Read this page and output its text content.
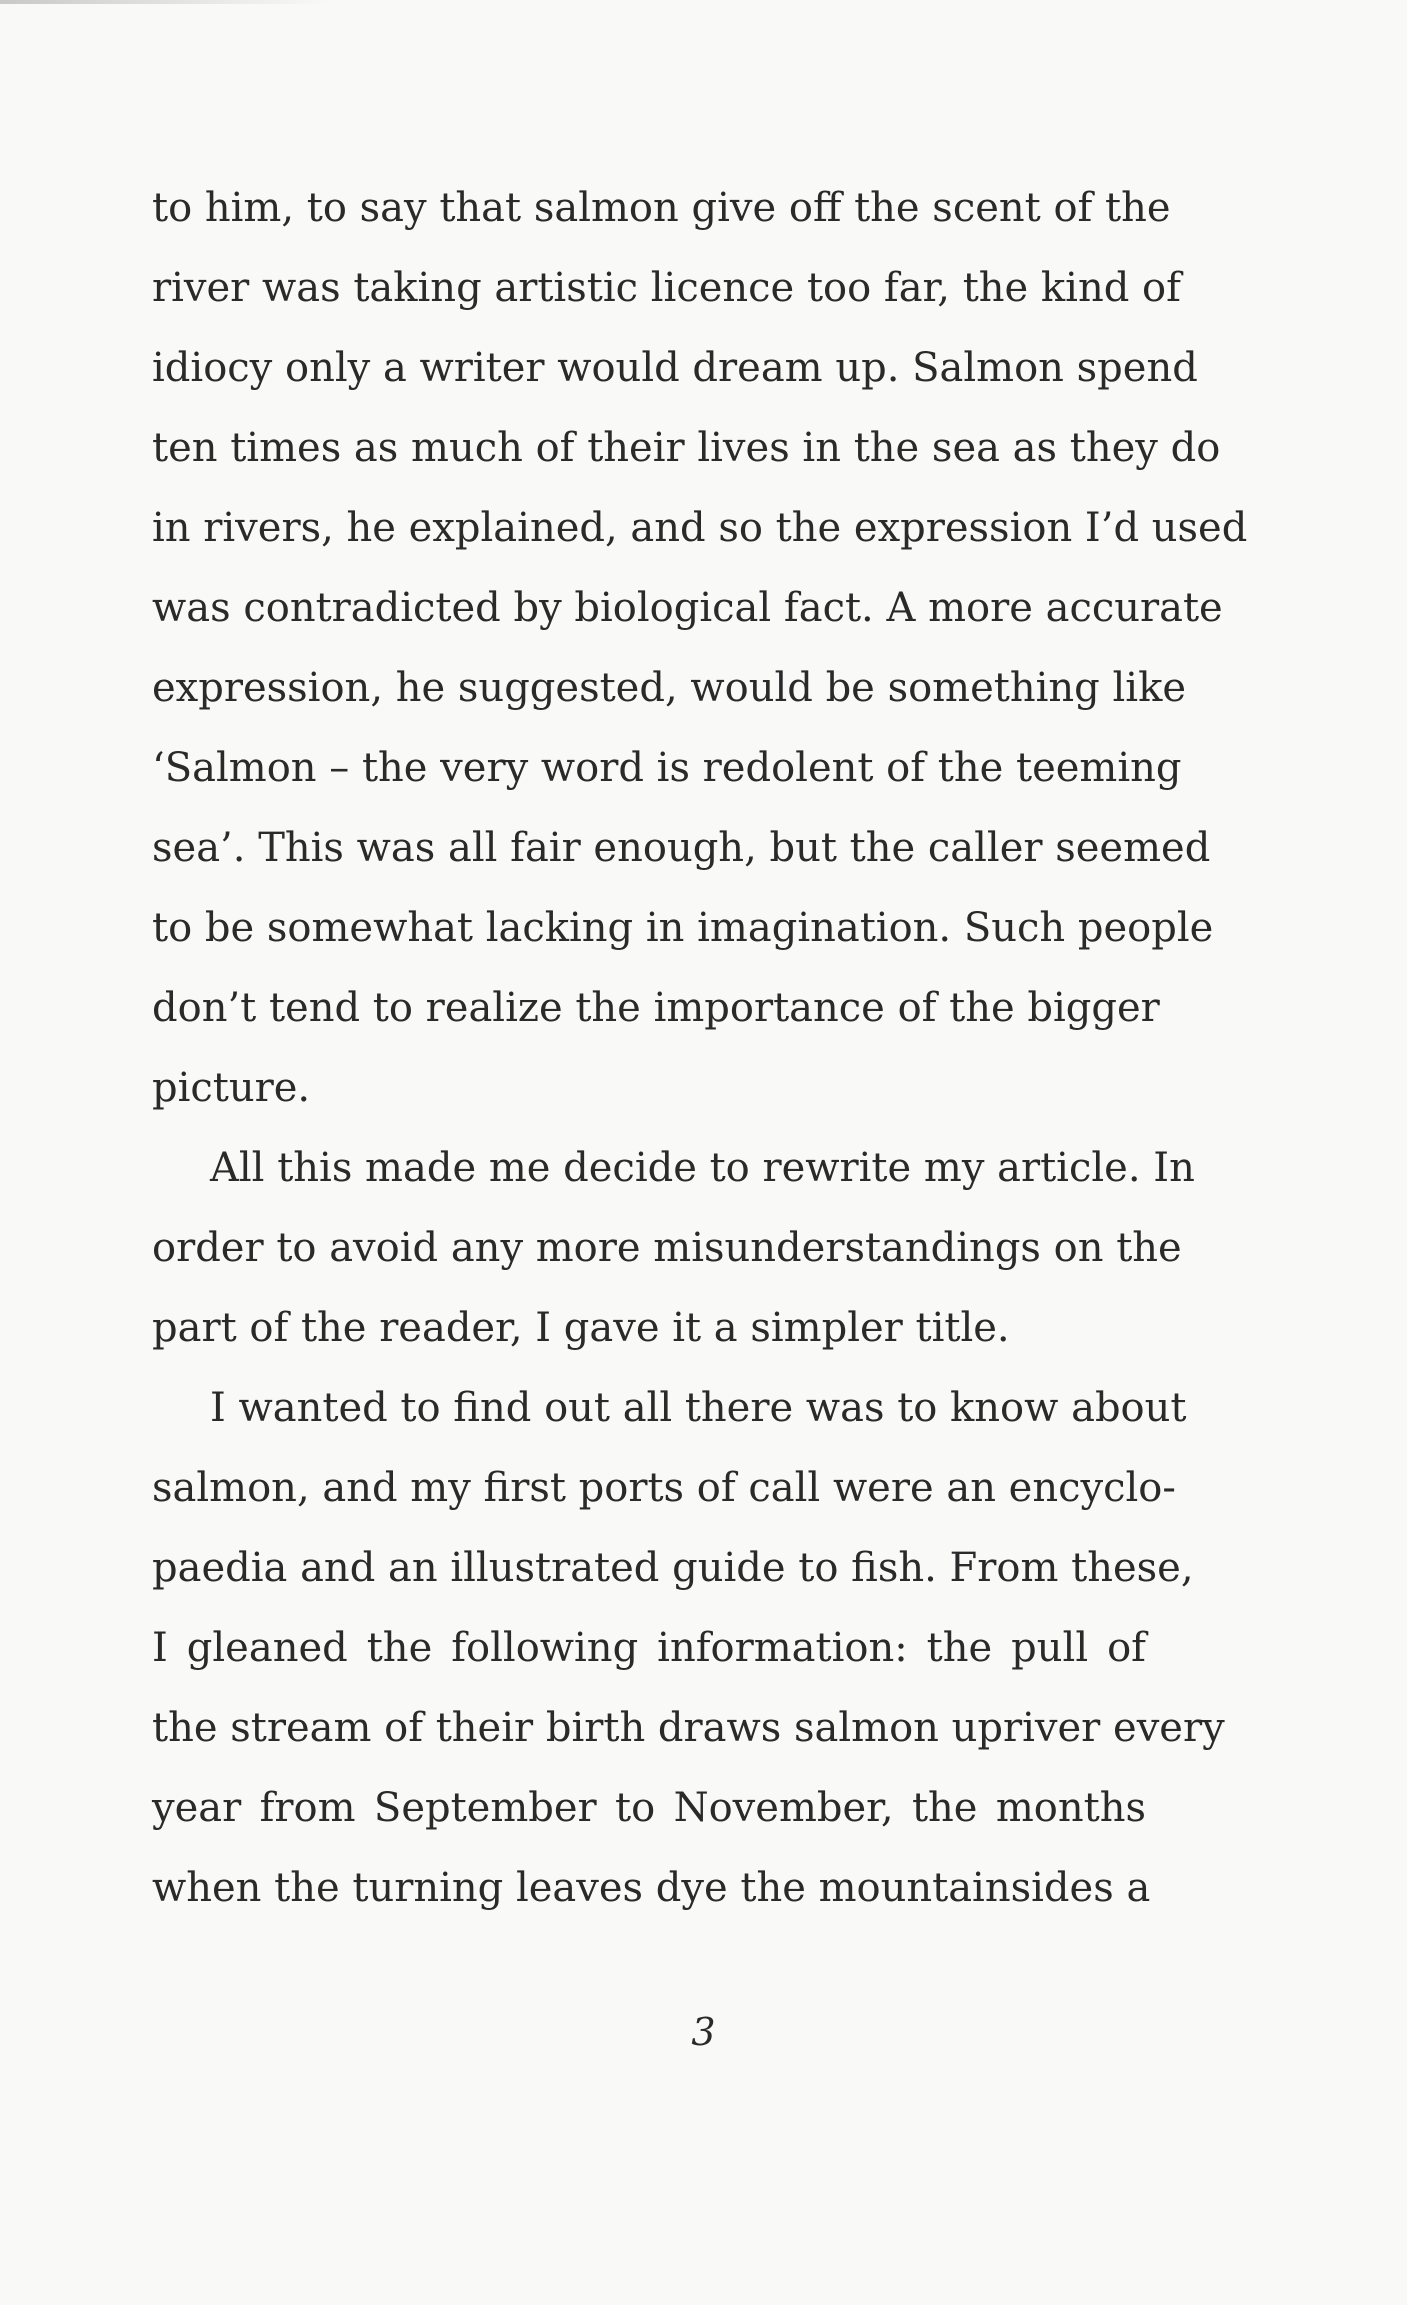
to him, to say that salmon give off the scent of the

river was taking artistic licence too far, the kind of

idiocy only a writer would dream up. Salmon spend

ten times as much of their lives in the sea as they do

in rivers, he explained, and so the expression I’d used

was contradicted by biological fact. A more accurate

expression, he suggested, would be something like

‘Salmon – the very word is redolent of the teeming

sea’. This was all fair enough, but the caller seemed

to be somewhat lacking in imagination. Such people

don’t tend to realize the importance of the bigger

picture.

All this made me decide to rewrite my article. In

order to avoid any more misunderstandings on the

part of the reader, I gave it a simpler title.

I wanted to find out all there was to know about

salmon, and my first ports of call were an encyclo-

paedia and an illustrated guide to fish. From these,

I gleaned the following information: the pull of

the stream of their birth draws salmon upriver every

year from September to November, the months

when the turning leaves dye the mountainsides a

3
